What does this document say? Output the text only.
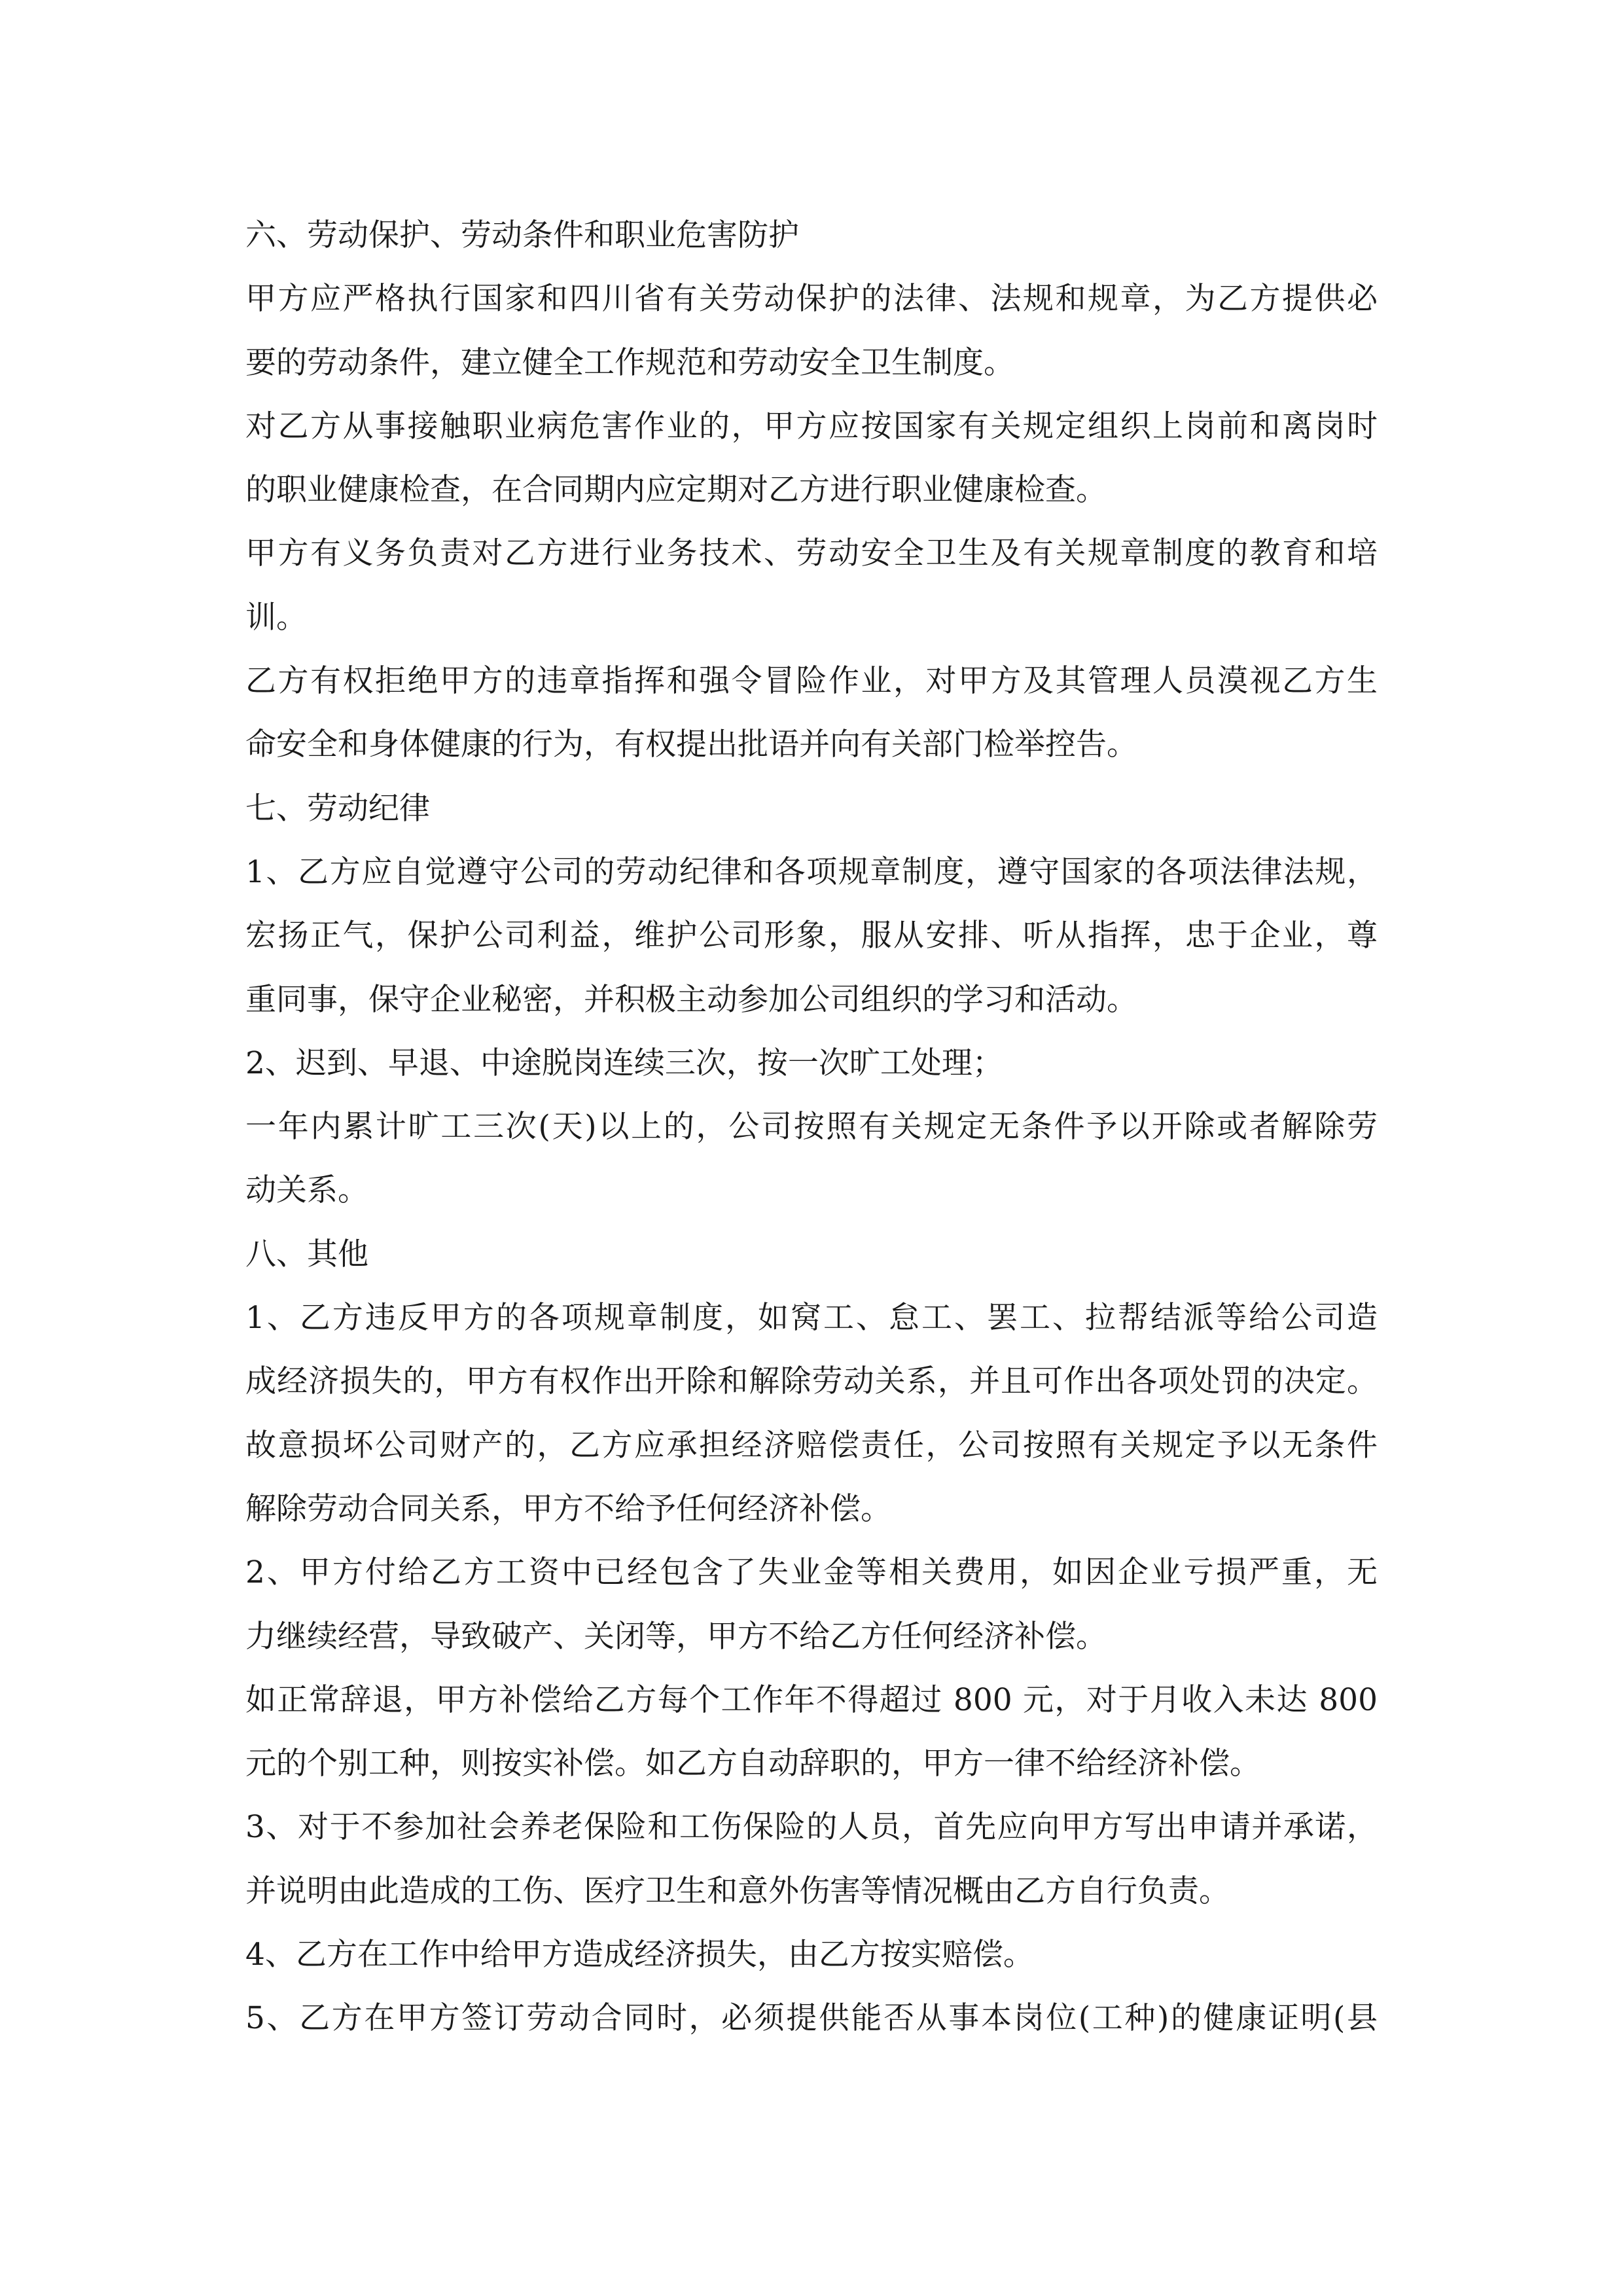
六、劳动保护、劳动条件和职业危害防护
甲方应严格执行国家和四川省有关劳动保护的法律、法规和规章，为乙方提供必
要的劳动条件，建立健全工作规范和劳动安全卫生制度。
对乙方从事接触职业病危害作业的，甲方应按国家有关规定组织上岗前和离岗时
的职业健康检查，在合同期内应定期对乙方进行职业健康检查。
甲方有义务负责对乙方进行业务技术、劳动安全卫生及有关规章制度的教育和培
训。
乙方有权拒绝甲方的违章指挥和强令冒险作业，对甲方及其管理人员漠视乙方生
命安全和身体健康的行为，有权提出批语并向有关部门检举控告。
七、劳动纪律
1、乙方应自觉遵守公司的劳动纪律和各项规章制度，遵守国家的各项法律法规，
宏扬正气，保护公司利益，维护公司形象，服从安排、听从指挥，忠于企业，尊
重同事，保守企业秘密，并积极主动参加公司组织的学习和活动。
2、迟到、早退、中途脱岗连续三次，按一次旷工处理；
一年内累计旷工三次(天)以上的，公司按照有关规定无条件予以开除或者解除劳
动关系。
八、其他
1、乙方违反甲方的各项规章制度，如窝工、怠工、罢工、拉帮结派等给公司造
成经济损失的，甲方有权作出开除和解除劳动关系，并且可作出各项处罚的决定。
故意损坏公司财产的，乙方应承担经济赔偿责任，公司按照有关规定予以无条件
解除劳动合同关系，甲方不给予任何经济补偿。
2、甲方付给乙方工资中已经包含了失业金等相关费用，如因企业亏损严重，无
力继续经营，导致破产、关闭等，甲方不给乙方任何经济补偿。
如正常辞退，甲方补偿给乙方每个工作年不得超过 800 元，对于月收入未达 800
元的个别工种，则按实补偿。如乙方自动辞职的，甲方一律不给经济补偿。
3、对于不参加社会养老保险和工伤保险的人员，首先应向甲方写出申请并承诺，
并说明由此造成的工伤、医疗卫生和意外伤害等情况概由乙方自行负责。
4、乙方在工作中给甲方造成经济损失，由乙方按实赔偿。
5、乙方在甲方签订劳动合同时，必须提供能否从事本岗位(工种)的健康证明(县
